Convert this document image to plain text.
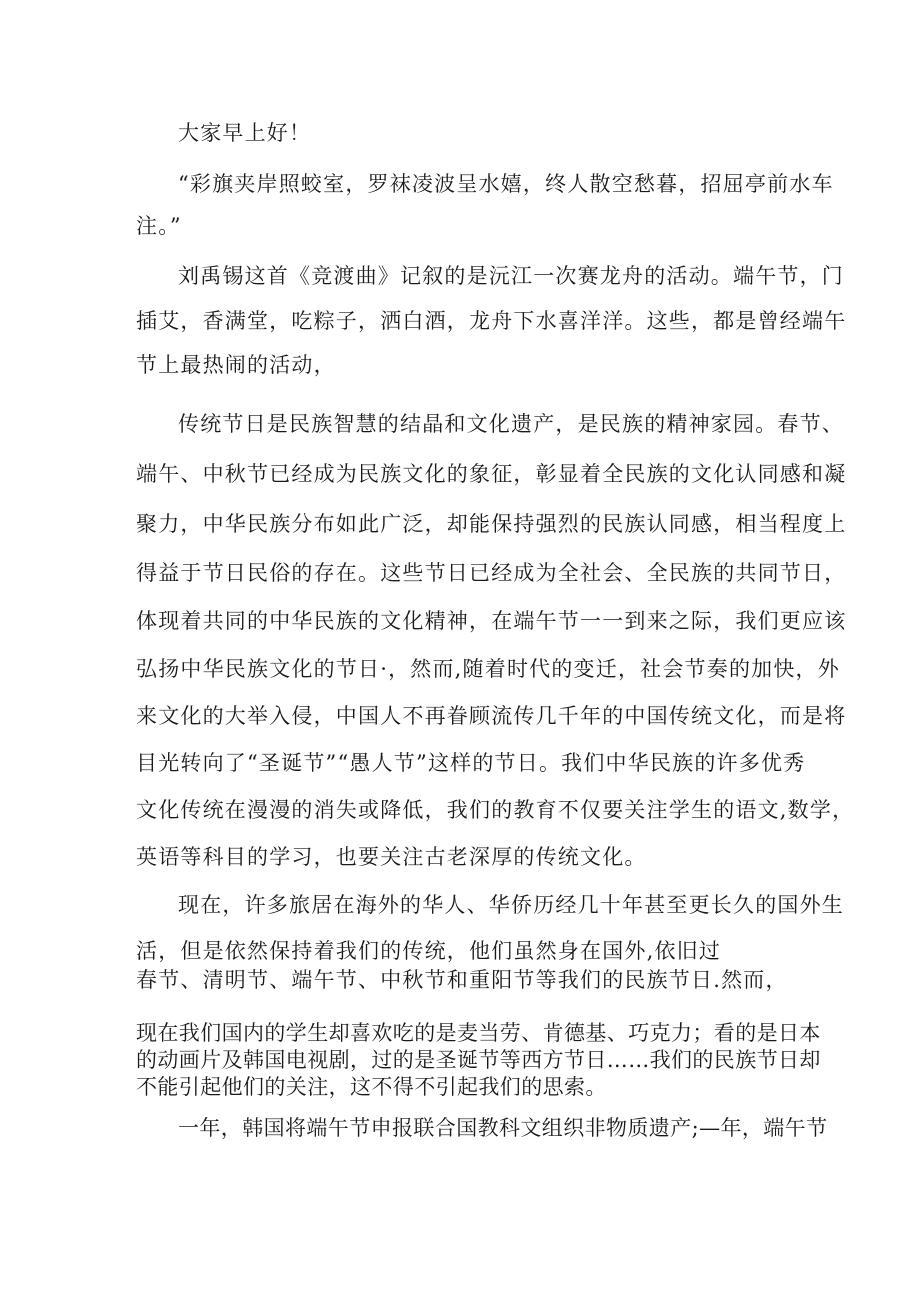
大家早上好！
“彩旗夹岸照蛟室，罗袜凌波呈水嬉，终人散空愁暮，招屈亭前水车
注。”
刘禹锡这首《竞渡曲》记叙的是沅江一次赛龙舟的活动。端午节，门
插艾，香满堂，吃粽子，洒白酒，龙舟下水喜洋洋。这些，都是曾经端午
节上最热闹的活动，
传统节日是民族智慧的结晶和文化遗产，是民族的精神家园。春节、
端午、中秋节已经成为民族文化的象征，彰显着全民族的文化认同感和凝
聚力，中华民族分布如此广泛，却能保持强烈的民族认同感，相当程度上
得益于节日民俗的存在。这些节日已经成为全社会、全民族的共同节日，
体现着共同的中华民族的文化精神，在端午节一一到来之际，我们更应该
弘扬中华民族文化的节日·，然而,随着时代的变迁，社会节奏的加快，外
来文化的大举入侵，中国人不再眷顾流传几千年的中国传统文化，而是将
目光转向了“圣诞节”“愚人节”这样的节日。我们中华民族的许多优秀
文化传统在漫漫的消失或降低，我们的教育不仅要关注学生的语文,数学，
英语等科目的学习，也要关注古老深厚的传统文化。
现在，许多旅居在海外的华人、华侨历经几十年甚至更长久的国外生
活，但是依然保持着我们的传统，他们虽然身在国外,依旧过
春节、清明节、端午节、中秋节和重阳节等我们的民族节日.然而，
现在我们国内的学生却喜欢吃的是麦当劳、肯德基、巧克力；看的是日本
的动画片及韩国电视剧，过的是圣诞节等西方节日……我们的民族节日却
不能引起他们的关注，这不得不引起我们的思索。
一年，韩国将端午节申报联合国教科文组织非物质遗产;—年，端午节
